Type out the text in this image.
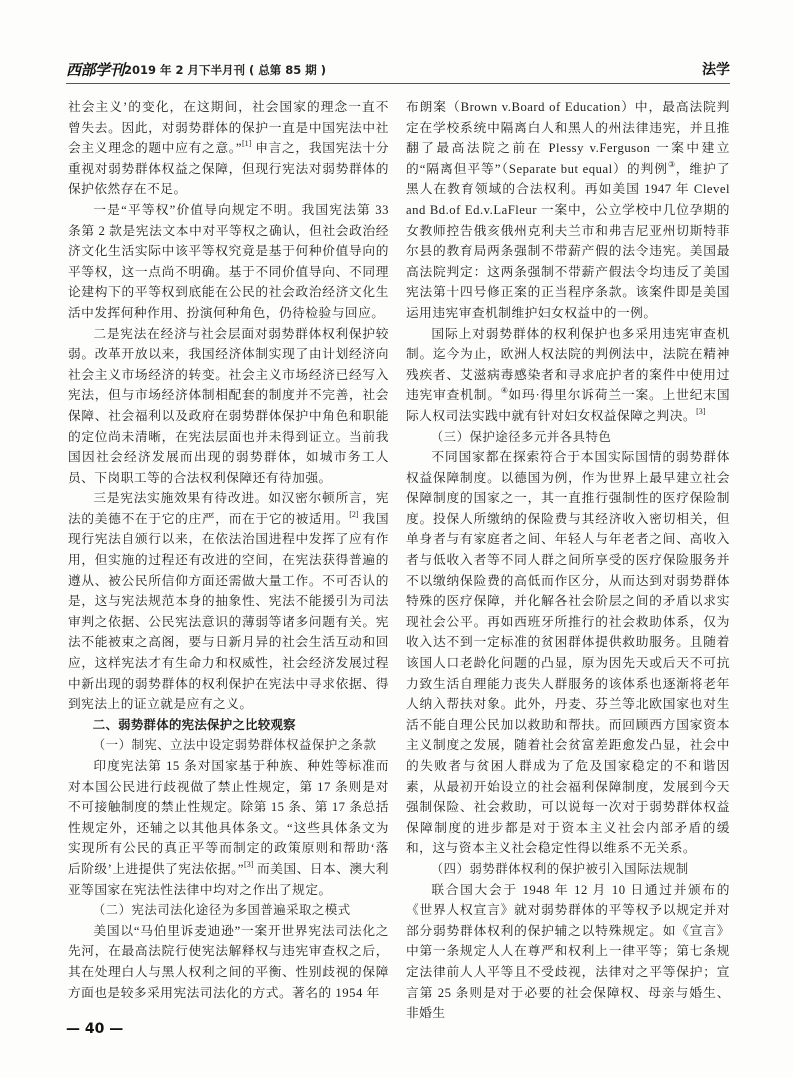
西部学刊 2019 年 2 月下半月刊 ( 总第 85 期 )	法学

社会主义’的变化，在这期间，社会国家的理念一直不曾失去。因此，对弱势群体的保护一直是中国宪法中社会主义理念的题中应有之意。”[1] 申言之，我国宪法十分重视对弱势群体权益之保障，但现行宪法对弱势群体的保护依然存在不足。

一是“平等权”价值导向规定不明。我国宪法第 33 条第 2 款是宪法文本中对平等权之确认，但社会政治经济文化生活实际中该平等权究竟是基于何种价值导向的平等权，这一点尚不明确。基于不同价值导向、不同理论建构下的平等权到底能在公民的社会政治经济文化生活中发挥何种作用、扮演何种角色，仍待检验与回应。

二是宪法在经济与社会层面对弱势群体权利保护较弱。改革开放以来，我国经济体制实现了由计划经济向社会主义市场经济的转变。社会主义市场经济已经写入宪法，但与市场经济体制相配套的制度并不完善，社会保障、社会福利以及政府在弱势群体保护中角色和职能的定位尚未清晰，在宪法层面也并未得到证立。当前我国因社会经济发展而出现的弱势群体，如城市务工人员、下岗职工等的合法权利保障还有待加强。

三是宪法实施效果有待改进。如汉密尔顿所言，宪法的美德不在于它的庄严，而在于它的被适用。[2] 我国现行宪法自颁行以来，在依法治国进程中发挥了应有作用，但实施的过程还有改进的空间，在宪法获得普遍的遵从、被公民所信仰方面还需做大量工作。不可否认的是，这与宪法规范本身的抽象性、宪法不能援引为司法审判之依据、公民宪法意识的薄弱等诸多问题有关。宪法不能被束之高阁，要与日新月异的社会生活互动和回应，这样宪法才有生命力和权威性，社会经济发展过程中新出现的弱势群体的权利保护在宪法中寻求依据、得到宪法上的证立就是应有之义。

二、弱势群体的宪法保护之比较观察
（一）制宪、立法中设定弱势群体权益保护之条款

印度宪法第 15 条对国家基于种族、种姓等标准而对本国公民进行歧视做了禁止性规定，第 17 条则是对不可接触制度的禁止性规定。除第 15 条、第 17 条总括性规定外，还辅之以其他具体条文。“这些具体条文为实现所有公民的真正平等而制定的政策原则和帮助‘落后阶级’上进提供了宪法依据。”[3] 而美国、日本、澳大利亚等国家在宪法性法律中均对之作出了规定。

（二）宪法司法化途径为多国普遍采取之模式

美国以“马伯里诉麦迪逊”一案开世界宪法司法化之先河，在最高法院行使宪法解释权与违宪审查权之后，其在处理白人与黑人权利之间的平衡、性别歧视的保障方面也是较多采用宪法司法化的方式。著名的 1954 年

布朗案（Brown v.Board of Education）中，最高法院判定在学校系统中隔离白人和黑人的州法律违宪，并且推翻了最高法院之前在 Plessy v.Ferguson 一案中建立的“隔离但平等”（Separate but equal）的判例③，维护了黑人在教育领域的合法权利。再如美国 1947 年 Clevel and Bd.of Ed.v.LaFleur 一案中，公立学校中几位孕期的女教师控告俄亥俄州克利夫兰市和弗吉尼亚州切斯特菲尔县的教育局两条强制不带薪产假的法令违宪。美国最高法院判定：这两条强制不带薪产假法令均违反了美国宪法第十四号修正案的正当程序条款。该案件即是美国运用违宪审查机制维护妇女权益中的一例。

国际上对弱势群体的权利保护也多采用违宪审查机制。迄今为止，欧洲人权法院的判例法中，法院在精神残疾者、艾滋病毒感染者和寻求庇护者的案件中使用过违宪审查机制。④如玛·得里尔诉荷兰一案。上世纪末国际人权司法实践中就有针对妇女权益保障之判决。[3]

（三）保护途径多元并各具特色

不同国家都在探索符合于本国实际国情的弱势群体权益保障制度。以德国为例，作为世界上最早建立社会保障制度的国家之一，其一直推行强制性的医疗保险制度。投保人所缴纳的保险费与其经济收入密切相关，但单身者与有家庭者之间、年轻人与年老者之间、高收入者与低收入者等不同人群之间所享受的医疗保险服务并不以缴纳保险费的高低而作区分，从而达到对弱势群体特殊的医疗保障，并化解各社会阶层之间的矛盾以求实现社会公平。再如西班牙所推行的社会救助体系，仅为收入达不到一定标准的贫困群体提供救助服务。且随着该国人口老龄化问题的凸显，原为因先天或后天不可抗力致生活自理能力丧失人群服务的该体系也逐渐将老年人纳入帮扶对象。此外，丹麦、芬兰等北欧国家也对生活不能自理公民加以救助和帮扶。而回顾西方国家资本主义制度之发展，随着社会贫富差距愈发凸显，社会中的失败者与贫困人群成为了危及国家稳定的不和谐因素，从最初开始设立的社会福利保障制度，发展到今天强制保险、社会救助，可以说每一次对于弱势群体权益保障制度的进步都是对于资本主义社会内部矛盾的缓和，这与资本主义社会稳定性得以维系不无关系。

（四）弱势群体权利的保护被引入国际法规制

联合国大会于 1948 年 12 月 10 日通过并颁布的《世界人权宣言》就对弱势群体的平等权予以规定并对部分弱势群体权利的保护辅之以特殊规定。如《宣言》中第一条规定人人在尊严和权利上一律平等；第七条规定法律前人人平等且不受歧视，法律对之平等保护；宣言第 25 条则是对于必要的社会保障权、母亲与婚生、非婚生

— 40 —
